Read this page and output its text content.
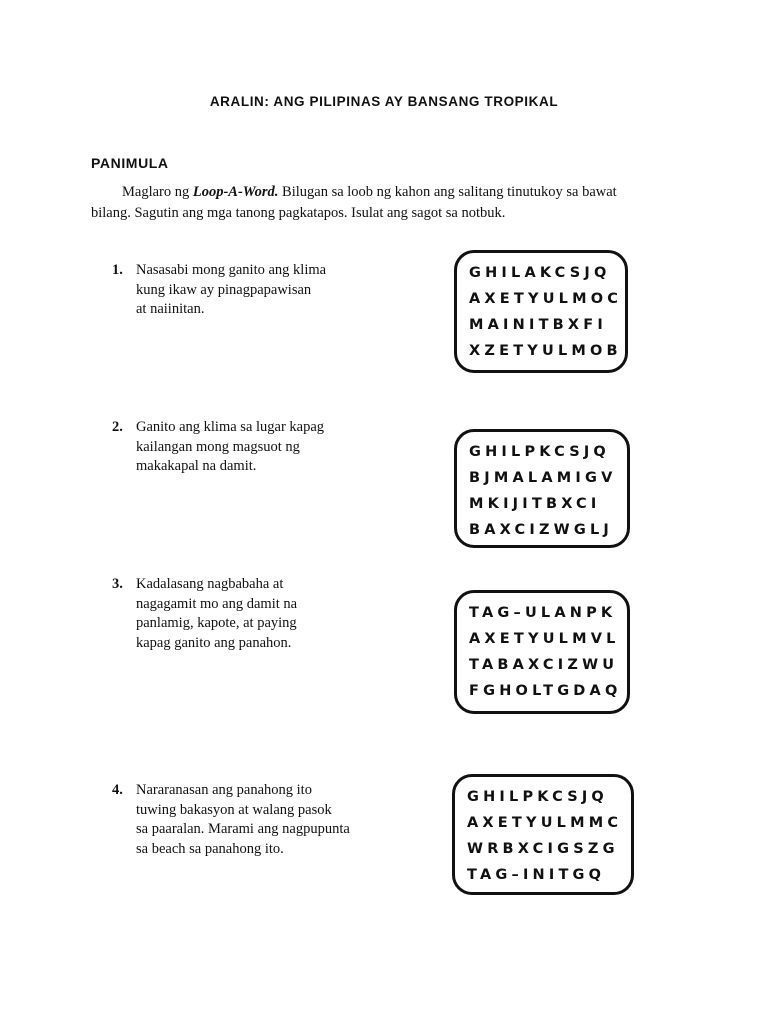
ARALIN: ANG PILIPINAS AY BANSANG TROPIKAL
PANIMULA
Maglaro ng Loop-A-Word. Bilugan sa loob ng kahon ang salitang tinutukoy sa bawat
bilang. Sagutin ang mga tanong pagkatapos. Isulat ang sagot sa notbuk.
1. Nasasabi mong ganito ang klima
kung ikaw ay pinagpapawisan
at naiinitan.
GHILAKCSJQ
AXETYULMOC
MAINITBXFI
XZETYULMOB
2. Ganito ang klima sa lugar kapag
kailangan mong magsuot ng
makakapal na damit.
GHILPKCSJQ
BJMALAMIGV
MKIJITBXCI
BAXCIZWGLJ
3. Kadalasang nagbabaha at
nagagamit mo ang damit na
panlamig, kapote, at paying
kapag ganito ang panahon.
TAG–ULANPK
AXETYULMVL
TABAXCIZWU
FGHOLTGDAQ
4. Nararanasan ang panahong ito
tuwing bakasyon at walang pasok
sa paaralan. Marami ang nagpupunta
sa beach sa panahong ito.
GHILPKCSJQ
AXETYULMMC
WRBXCIGSZG
TAG–INITGQ
